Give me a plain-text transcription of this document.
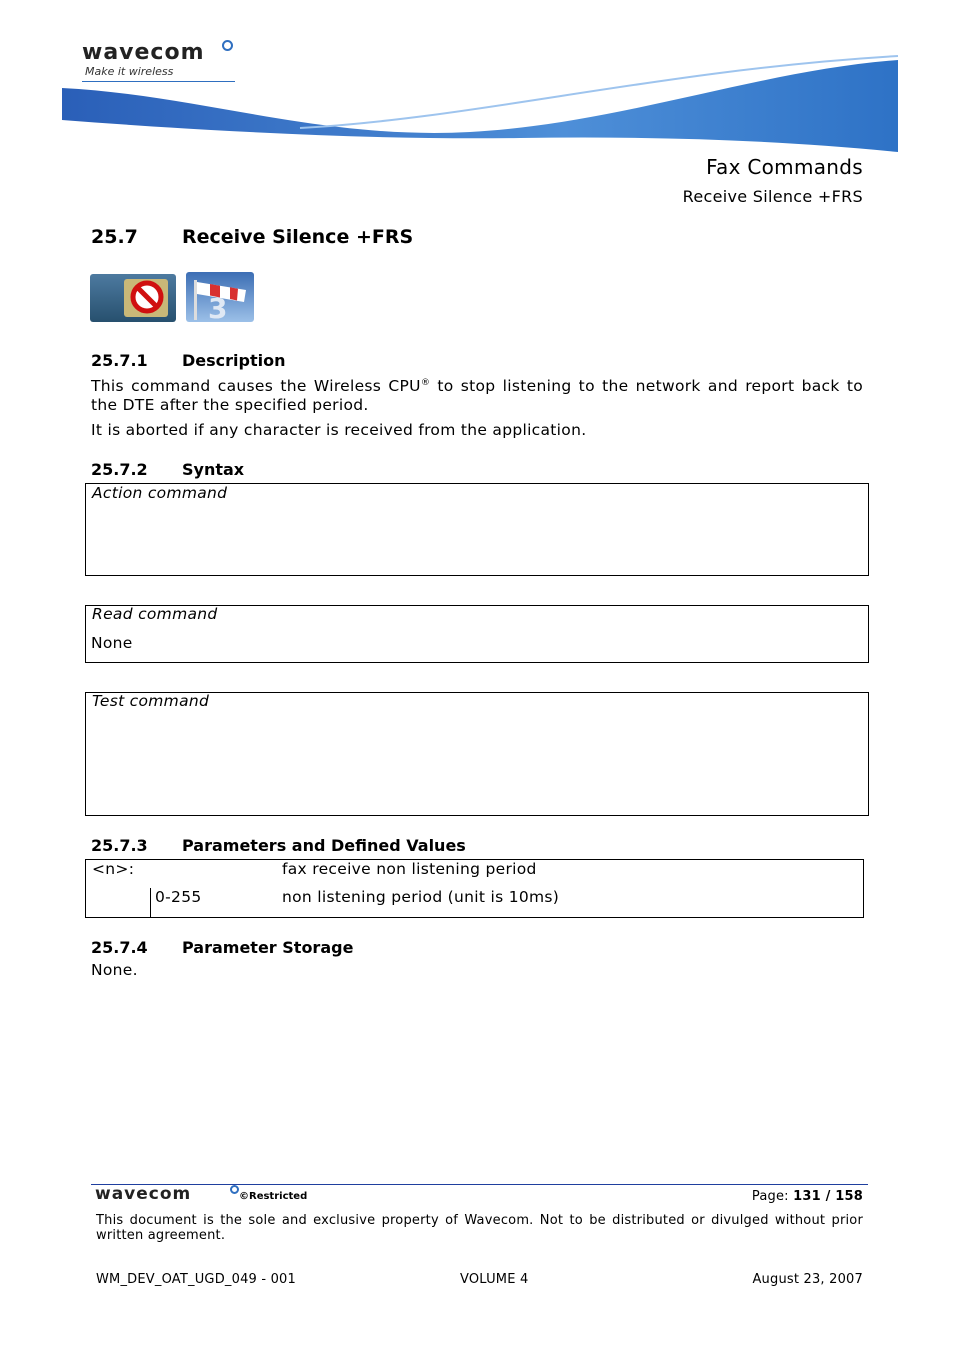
wavecom
Make it wireless
Fax Commands
Receive Silence +FRS
25.7 Receive Silence +FRS
3
25.7.1 Description
This command causes the Wireless CPU® to stop listening to the network and report back to the DTE after the specified period.
It is aborted if any character is received from the application.
25.7.2 Syntax
Action command
Read command
None
Test command
25.7.3 Parameters and Defined Values
<n>:	fax receive non listening period
0-255	non listening period (unit is 10ms)
25.7.4 Parameter Storage
None.
wavecom	©Restricted	Page: 131 / 158
This document is the sole and exclusive property of Wavecom. Not to be distributed or divulged without prior written agreement.
WM_DEV_OAT_UGD_049 - 001	VOLUME 4	August 23, 2007
